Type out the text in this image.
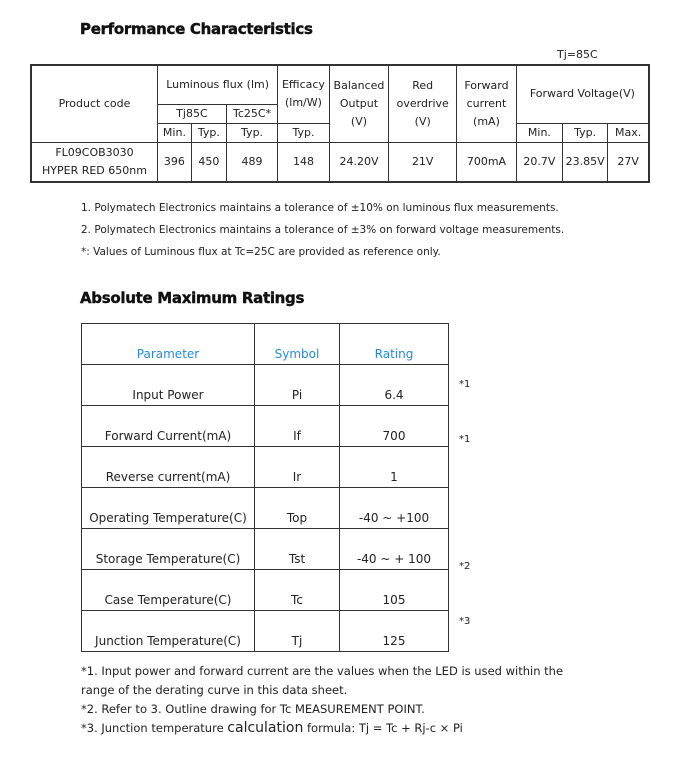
Performance Characteristics
Tj=85C
Product code	Luminous flux (lm)			Efficacy (lm/W)	Balanced Output (V)	Red overdrive (V)	Forward current (mA)	Forward Voltage(V)		
	Tj85C		Tc25C*							
	Min.	Typ.	Typ.	Typ.				Min.	Typ.	Max.
FL09COB3030
HYPER RED 650nm	396	450	489	148	24.20V	21V	700mA	20.7V	23.85V	27V
1. Polymatech Electronics maintains a tolerance of ±10% on luminous flux measurements.
2. Polymatech Electronics maintains a tolerance of ±3% on forward voltage measurements.
*: Values of Luminous flux at Tc=25C are provided as reference only.
Absolute Maximum Ratings
Parameter	Symbol	Rating
Input Power	Pi	6.4
Forward Current(mA)	If	700
Reverse current(mA)	Ir	1
Operating Temperature(C)	Top	-40 ~ +100
Storage Temperature(C)	Tst	-40 ~ + 100
Case Temperature(C)	Tc	105
Junction Temperature(C)	Tj	125
*1
*1
*2
*3
*1. Input power and forward current are the values when the LED is used within the
range of the derating curve in this data sheet.
*2. Refer to 3. Outline drawing for Tc MEASUREMENT POINT.
*3. Junction temperature calculation formula: Tj = Tc + Rj-c × Pi
